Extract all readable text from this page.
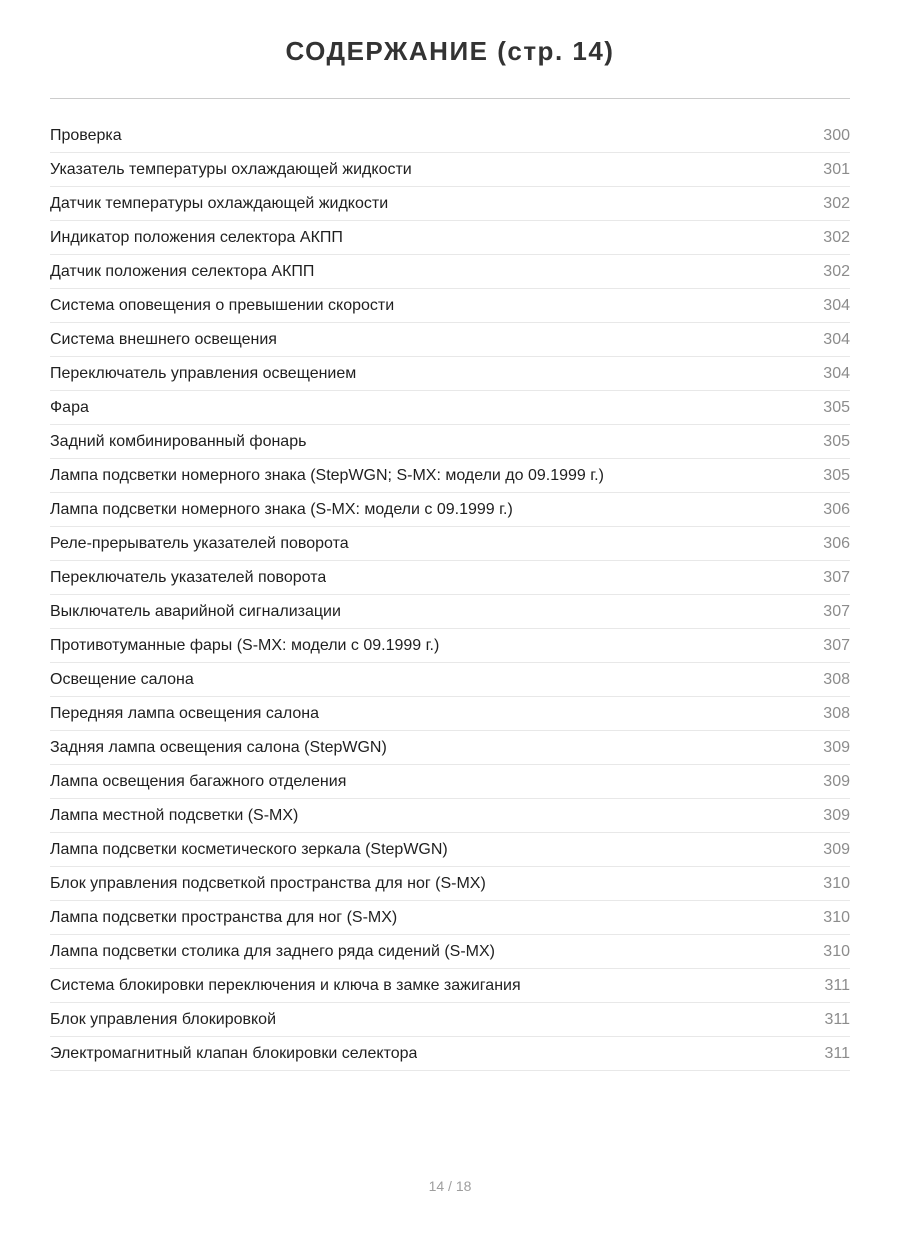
СОДЕРЖАНИЕ (стр. 14)
Проверка	300
Указатель температуры охлаждающей жидкости	301
Датчик температуры охлаждающей жидкости	302
Индикатор положения селектора АКПП	302
Датчик положения селектора АКПП	302
Система оповещения о превышении скорости	304
Система внешнего освещения	304
Переключатель управления освещением	304
Фара	305
Задний комбинированный фонарь	305
Лампа подсветки номерного знака (StepWGN; S-MX: модели до 09.1999 г.)	305
Лампа подсветки номерного знака (S-MX: модели с 09.1999 г.)	306
Реле-прерыватель указателей поворота	306
Переключатель указателей поворота	307
Выключатель аварийной сигнализации	307
Противотуманные фары (S-MX: модели с 09.1999 г.)	307
Освещение салона	308
Передняя лампа освещения салона	308
Задняя лампа освещения салона (StepWGN)	309
Лампа освещения багажного отделения	309
Лампа местной подсветки (S-MX)	309
Лампа подсветки косметического зеркала (StepWGN)	309
Блок управления подсветкой пространства для ног (S-MX)	310
Лампа подсветки пространства для ног (S-MX)	310
Лампа подсветки столика для заднего ряда сидений (S-MX)	310
Система блокировки переключения и ключа в замке зажигания	311
Блок управления блокировкой	311
Электромагнитный клапан блокировки селектора	311
14 / 18
